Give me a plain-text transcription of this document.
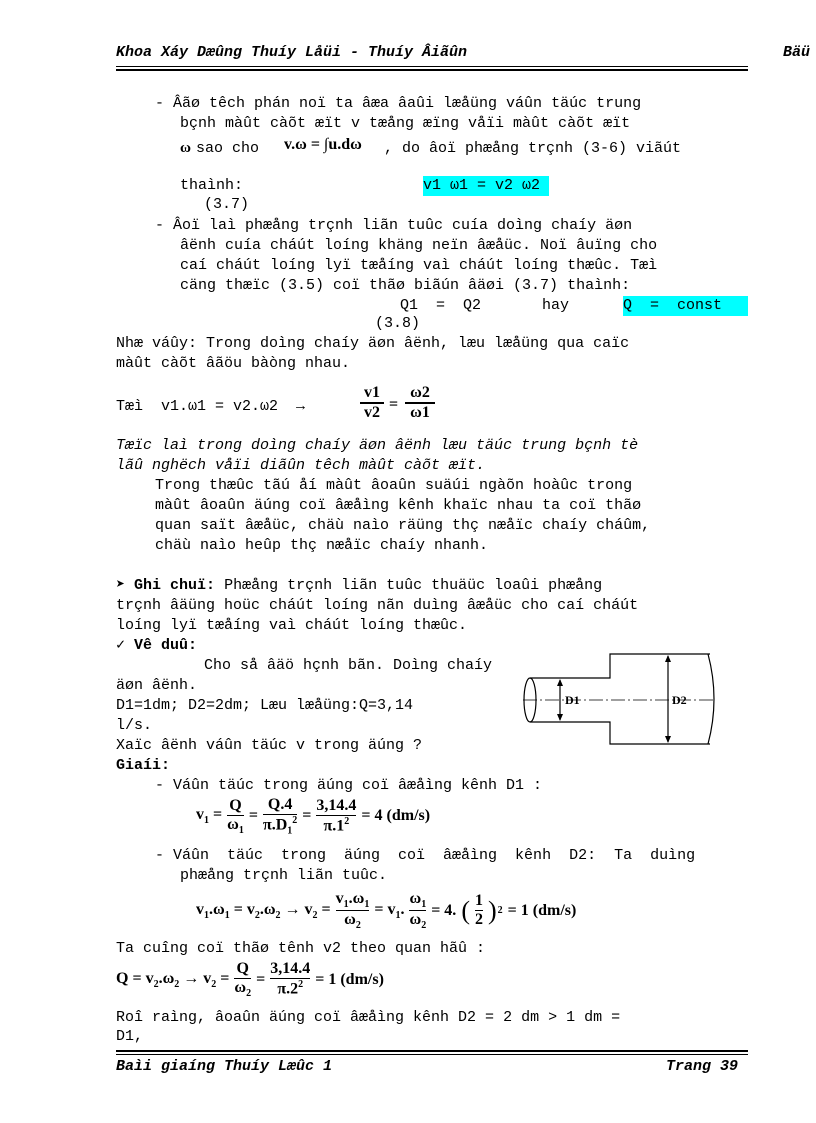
Khoa Xáy Dæûng Thuíy Låüi - Thuíy Âiãûn	Bäü
- Âãø têch phán noï ta âæa âaûi læåüng váûn täúc trung
bçnh màût càõt æït v tæång æïng våïi màût càõt æït
ω sao cho v.ω = ∫u.dω , do âoï phæång trçnh (3-6) viãút
thaình:	v1 ω1 = v2 ω2
(3.7)
- Âoï laì phæång trçnh liãn tuûc cuía doìng chaíy äøn
âënh cuía cháút loíng khäng neïn âæåüc. Noï âuïng cho
caí cháút loíng lyï tæåíng vaì cháút loíng thæûc. Tæì
cäng thæïc (3.5) coï thãø biãún âäøi (3.7) thaình:
Q1  =  Q2	hay	Q  =  const
(3.8)
Nhæ váûy: Trong doìng chaíy äøn âënh, læu læåüng qua caïc
màût càõt âãöu bàòng nhau.
Tæì  v1.ω1 = v2.ω2  →	$\frac{v1}{v2} = \frac{\omega 2}{\omega 1}$
Tæïc laì trong doìng chaíy äøn âënh læu täúc trung bçnh tè
lãû nghëch våïi diãûn têch màût càõt æït.
Trong thæûc tãú åí màût âoaûn suäúi ngàõn hoàûc trong
màût âoaûn äúng coï âæåìng kênh khaïc nhau ta coï thãø
quan saït âæåüc, chäù naìo räüng thç næåïc chaíy cháûm,
chäù naìo heûp thç næåïc chaíy nhanh.
➤ Ghi chuï: Phæång trçnh liãn tuûc thuäüc loaûi phæång
trçnh âäüng hoüc cháút loíng nãn duìng âæåüc cho caí cháút
loíng lyï tæåíng vaì cháút loíng thæûc.
✓ Vê duû:
Cho så âäö hçnh bãn. Doìng chaíy
äøn âënh.
D1=1dm; D2=2dm; Læu læåüng:Q=3,14
l/s.
Xaïc âënh váûn täúc v trong äúng ?
Giaíi:
D1	D2
- Váûn täúc trong äúng coï âæåìng kênh D1 :
$v_1 = \frac{Q}{\omega_1} = \frac{Q.4}{\pi.D_1^2} = \frac{3,14.4}{\pi.1^2} = 4$ (dm/s)
- Váûn  täúc  trong  äúng  coï  âæåìng  kênh  D2:  Ta  duìng
phæång trçnh liãn tuûc.
$v_1.\omega_1 = v_2.\omega_2 \to v_2 = \frac{v_1.\omega_1}{\omega_2} = v_1$. $\frac{\omega_1}{\omega_2} = 4$. ( 1
2 ) 2 = 1 (dm/s)
Ta cuîng coï thãø tênh v2 theo quan hãû :
$Q = v_2.\omega_2 \to v_2 = \frac{Q}{\omega_2} = \frac{3,14.4}{\pi.2^2} = 1$ (dm/s)
Roî raìng, âoaûn äúng coï âæåìng kênh D2 = 2 dm > 1 dm =
D1,
Baìi giaíng Thuíy Læûc 1	Trang 39
